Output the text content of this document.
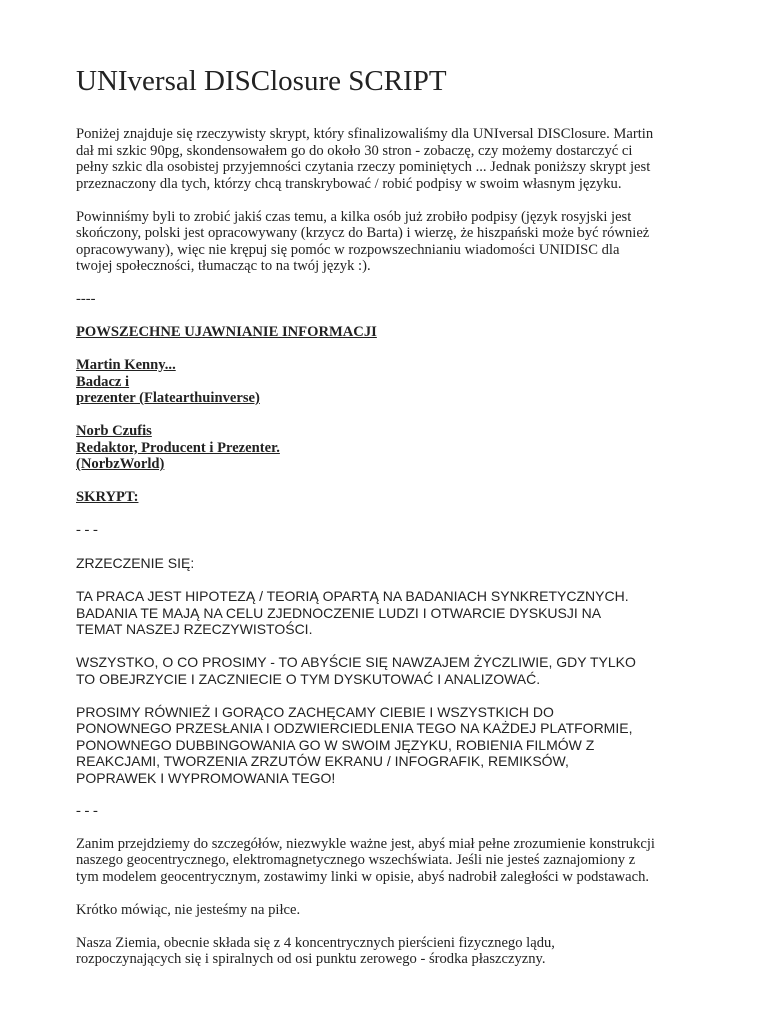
UNIversal DISClosure SCRIPT

Poniżej znajduje się rzeczywisty skrypt, który sfinalizowaliśmy dla UNIversal DISClosure. Martin
dał mi szkic 90pg, skondensowałem go do około 30 stron - zobaczę, czy możemy dostarczyć ci
pełny szkic dla osobistej przyjemności czytania rzeczy pominiętych ... Jednak poniższy skrypt jest
przeznaczony dla tych, którzy chcą transkrybować / robić podpisy w swoim własnym języku.

Powinniśmy byli to zrobić jakiś czas temu, a kilka osób już zrobiło podpisy (język rosyjski jest
skończony, polski jest opracowywany (krzycz do Barta) i wierzę, że hiszpański może być również
opracowywany), więc nie krępuj się pomóc w rozpowszechnianiu wiadomości UNIDISC dla
twojej społeczności, tłumacząc to na twój język :).

----

POWSZECHNE UJAWNIANIE INFORMACJI

Martin Kenny...
Badacz i
prezenter (Flatearthuinverse)

Norb Czufis
Redaktor, Producent i Prezenter.
(NorbzWorld)

SKRYPT:

- - -

ZRZECZENIE SIĘ:

TA PRACA JEST HIPOTEZĄ / TEORIĄ OPARTĄ NA BADANIACH SYNKRETYCZNYCH.
BADANIA TE MAJĄ NA CELU ZJEDNOCZENIE LUDZI I OTWARCIE DYSKUSJI NA
TEMAT NASZEJ RZECZYWISTOŚCI.

WSZYSTKO, O CO PROSIMY - TO ABYŚCIE SIĘ NAWZAJEM ŻYCZLIWIE, GDY TYLKO
TO OBEJRZYCIE I ZACZNIECIE O TYM DYSKUTOWAĆ I ANALIZOWAĆ.

PROSIMY RÓWNIEŻ I GORĄCO ZACHĘCAMY CIEBIE I WSZYSTKICH DO
PONOWNEGO PRZESŁANIA I ODZWIERCIEDLENIA TEGO NA KAŻDEJ PLATFORMIE,
PONOWNEGO DUBBINGOWANIA GO W SWOIM JĘZYKU, ROBIENIA FILMÓW Z
REAKCJAMI, TWORZENIA ZRZUTÓW EKRANU / INFOGRAFIK, REMIKSÓW,
POPRAWEK I WYPROMOWANIA TEGO!

- - -

Zanim przejdziemy do szczegółów, niezwykle ważne jest, abyś miał pełne zrozumienie konstrukcji
naszego geocentrycznego, elektromagnetycznego wszechświata. Jeśli nie jesteś zaznajomiony z
tym modelem geocentrycznym, zostawimy linki w opisie, abyś nadrobił zaległości w podstawach.

Krótko mówiąc, nie jesteśmy na piłce.

Nasza Ziemia, obecnie składa się z 4 koncentrycznych pierścieni fizycznego lądu,
rozpoczynających się i spiralnych od osi punktu zerowego - środka płaszczyzny.
